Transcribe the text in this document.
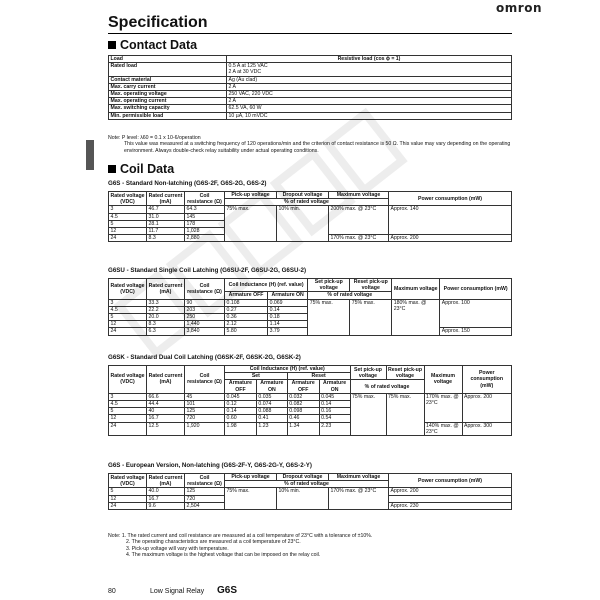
omron
Specification
Contact Data
Load	Resistive load (cos ϕ = 1)
Rated load	0.5 A at 125 VAC
2 A at 30 VDC
Contact material	Ag (Au clad)
Max. carry current	2 A
Max. operating voltage	250 VAC, 220 VDC
Max. operating current	2 A
Max. switching capacity	62.5 VA, 60 W
Min. permissible load	10 µA, 10 mVDC
Note: P level: λ60 = 0.1 x 10-6/operation
This value was measured at a switching frequency of 120 operations/min and the criterion of contact resistance is 50 Ω. This value may vary depending on the operating environment. Always double-check relay suitability under actual operating conditions.
Coil Data
G6S - Standard Non-latching (G6S-2F, G6S-2G, G6S-2)
Rated voltage (VDC)	Rated current (mA)	Coil resistance (Ω)	Pick-up voltage	Dropout voltage	Maximum voltage	Power consumption (mW)
			% of rated voltage			
3	46.7	64.3	75% max.	10% min.	200% max. @ 23°C	Approx. 140
4.5	31.0	145				
5	28.1	178				
12	11.7	1,028				
24	8.3	2,880			170% max. @ 23°C	Approx. 200
G6SU - Standard Single Coil Latching (G6SU-2F, G6SU-2G, G6SU-2)
Rated voltage (VDC)	Rated current (mA)	Coil resistance (Ω)	Coil Inductance (H) (ref. value)		Set pick-up voltage	Reset pick-up voltage	Maximum voltage	Power consumption (mW)
			Armature OFF	Armature ON	% of rated voltage			
3	33.3	90	0.108	0.069	75% max.	75% max.	180% max. @ 23°C	Approx. 100
4.5	22.2	203	0.27	0.14				
5	20.0	250	0.36	0.18				
12	8.3	1,440	2.12	1.14				
24	6.3	3,840	5.80	3.79				Approx. 150
G6SK - Standard Dual Coil Latching (G6SK-2F, G6SK-2G, G6SK-2)
Rated voltage (VDC)	Rated current (mA)	Coil resistance (Ω)	Coil Inductance (H) (ref. value)				Set pick-up voltage	Reset pick-up voltage	Maximum voltage	Power consumption (mW)
			Set		Reset					
			Armature OFF	Armature ON	Armature OFF	Armature ON	% of rated voltage			
3	66.6	45	0.045	0.035	0.032	0.045	75% max.	75% max.	170% max. @ 23°C	Approx. 200
4.5	44.4	101	0.12	0.074	0.082	0.14				
5	40	125	0.14	0.088	0.098	0.16				
12	16.7	720	0.60	0.41	0.46	0.54				
24	12.5	1,920	1.98	1.23	1.34	2.23			140% max. @ 23°C	Approx. 300
G6S - European Version, Non-latching (G6S-2F-Y, G6S-2G-Y, G6S-2-Y)
Rated voltage (VDC)	Rated current (mA)	Coil resistance (Ω)	Pick-up voltage	Dropout voltage	Maximum voltage	Power consumption (mW)
			% of rated voltage			
5	40.0	125	75% max.	10% min.	170% max. @ 23°C	Approx. 200
12	16.7	720				
24	9.6	2,504				Approx. 230
Note: 1. The rated current and coil resistance are measured at a coil temperature of 23°C with a tolerance of ±10%.
2. The operating characteristics are measured at a coil temperature of 23°C.
3. Pick-up voltage will vary with temperature.
4. The maximum voltage is the highest voltage that can be imposed on the relay coil.
80	Low Signal Relay G6S
